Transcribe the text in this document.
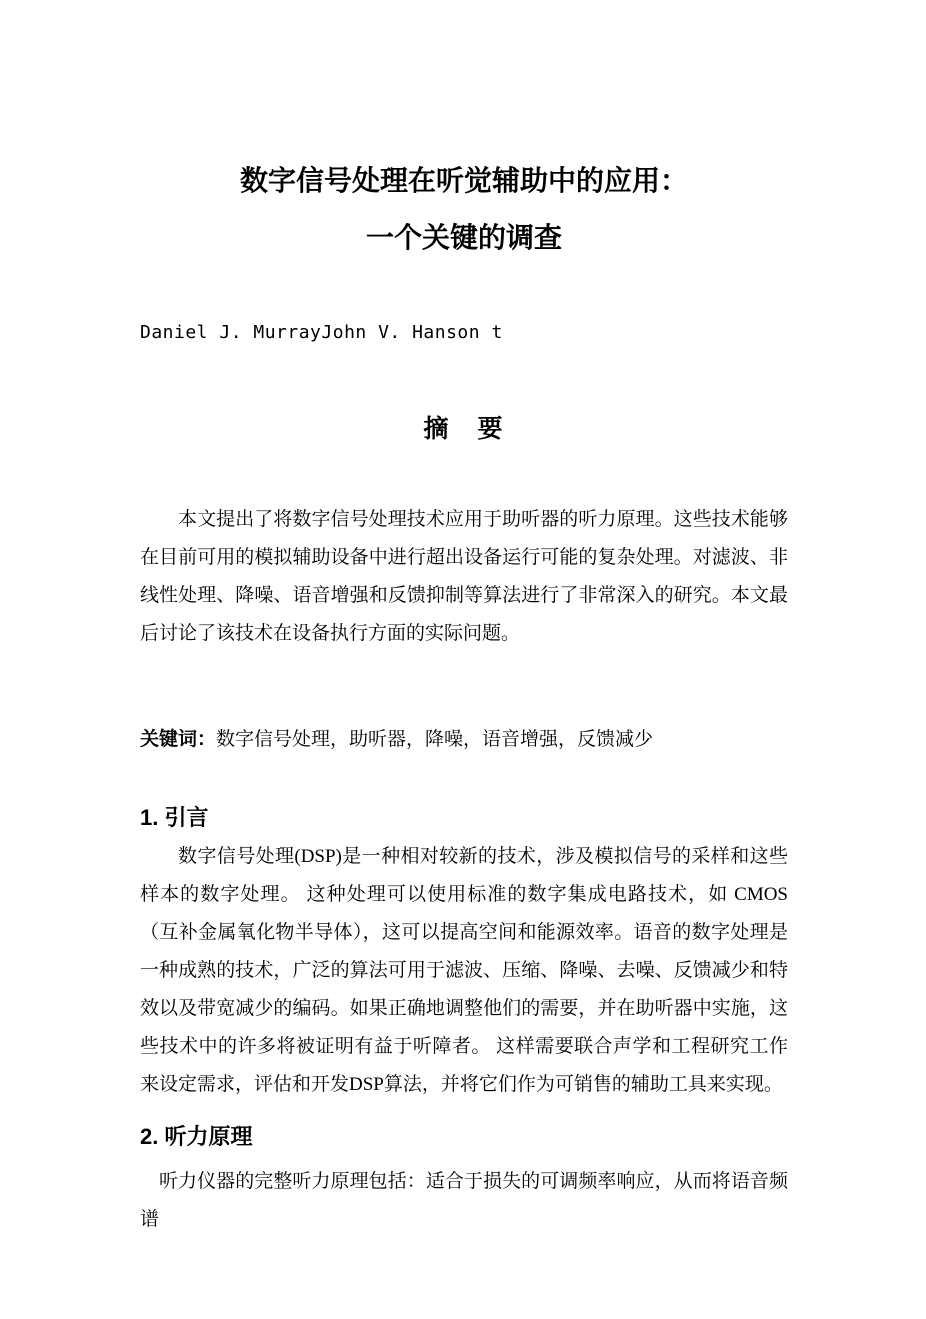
数字信号处理在听觉辅助中的应用：
一个关键的调查

Daniel J. MurrayJohn V. Hanson t

摘　要

本文提出了将数字信号处理技术应用于助听器的听力原理。这些技术能够在目前可用的模拟辅助设备中进行超出设备运行可能的复杂处理。对滤波、非线性处理、降噪、语音增强和反馈抑制等算法进行了非常深入的研究。本文最后讨论了该技术在设备执行方面的实际问题。

关键词：数字信号处理，助听器，降噪，语音增强，反馈减少

1. 引言

数字信号处理(DSP)是一种相对较新的技术，涉及模拟信号的采样和这些样本的数字处理。 这种处理可以使用标准的数字集成电路技术，如 CMOS（互补金属氧化物半导体），这可以提高空间和能源效率。语音的数字处理是一种成熟的技术，广泛的算法可用于滤波、压缩、降噪、去噪、反馈减少和特效以及带宽减少的编码。如果正确地调整他们的需要，并在助听器中实施，这些技术中的许多将被证明有益于听障者。 这样需要联合声学和工程研究工作来设定需求，评估和开发DSP算法，并将它们作为可销售的辅助工具来实现。

2. 听力原理

听力仪器的完整听力原理包括：适合于损失的可调频率响应，从而将语音频谱
